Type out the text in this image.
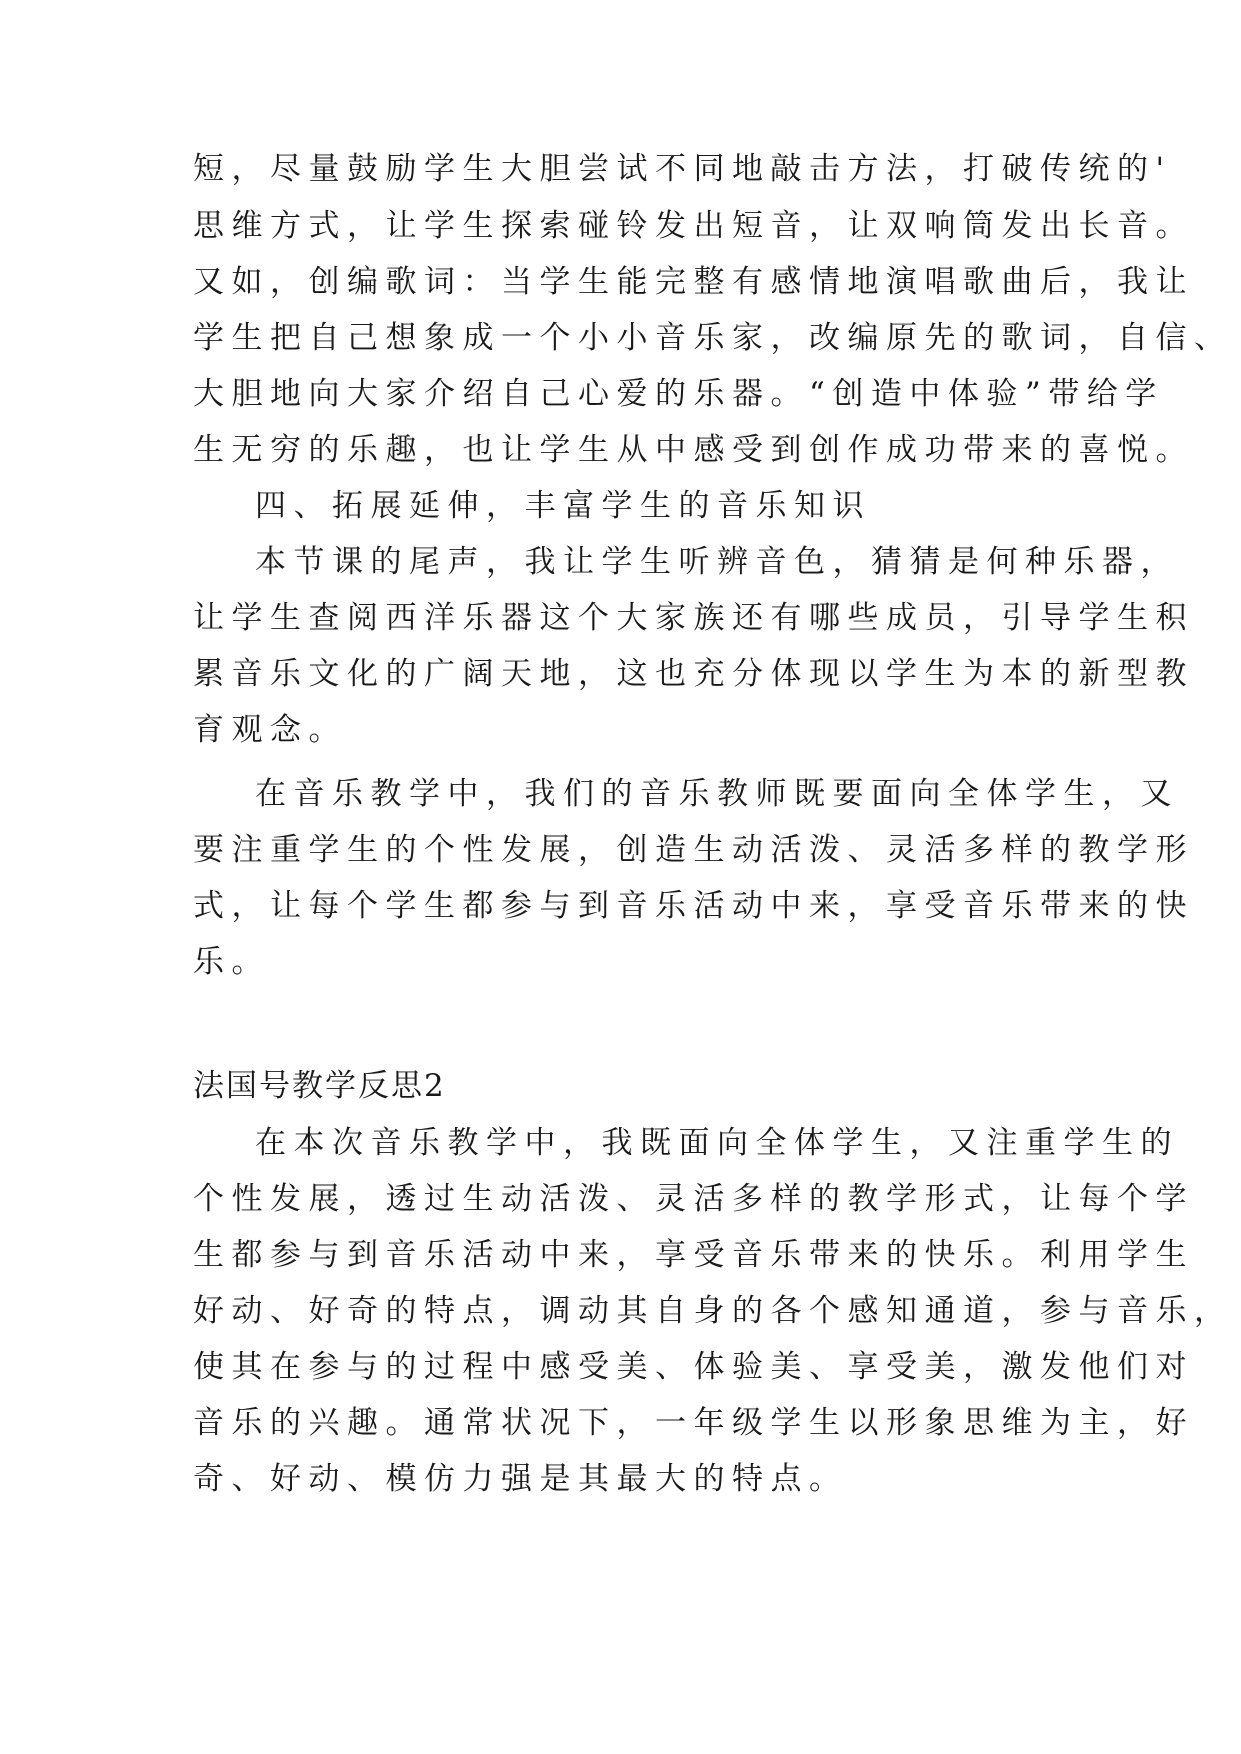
短，尽量鼓励学生大胆尝试不同地敲击方法，打破传统的'
思维方式，让学生探索碰铃发出短音，让双响筒发出长音。
又如，创编歌词：当学生能完整有感情地演唱歌曲后，我让
学生把自己想象成一个小小音乐家，改编原先的歌词，自信、
大胆地向大家介绍自己心爱的乐器。“创造中体验”带给学
生无穷的乐趣，也让学生从中感受到创作成功带来的喜悦。
四、拓展延伸，丰富学生的音乐知识
本节课的尾声，我让学生听辨音色，猜猜是何种乐器，
让学生查阅西洋乐器这个大家族还有哪些成员，引导学生积
累音乐文化的广阔天地，这也充分体现以学生为本的新型教
育观念。
在音乐教学中，我们的音乐教师既要面向全体学生，又
要注重学生的个性发展，创造生动活泼、灵活多样的教学形
式，让每个学生都参与到音乐活动中来，享受音乐带来的快
乐。
法国号教学反思2
在本次音乐教学中，我既面向全体学生，又注重学生的
个性发展，透过生动活泼、灵活多样的教学形式，让每个学
生都参与到音乐活动中来，享受音乐带来的快乐。利用学生
好动、好奇的特点，调动其自身的各个感知通道，参与音乐，
使其在参与的过程中感受美、体验美、享受美，激发他们对
音乐的兴趣。通常状况下，一年级学生以形象思维为主，好
奇、好动、模仿力强是其最大的特点。
